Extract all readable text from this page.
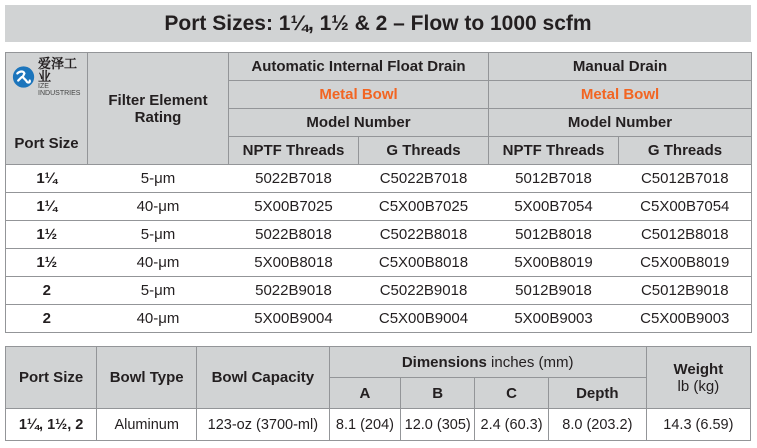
Port Sizes: 1¼, 1½ & 2 – Flow to 1000 scfm
爱泽工业
IZE INDUSTRIES
Port Size	Filter Element Rating	Automatic Internal Float Drain		Manual Drain	
		Metal Bowl		Metal Bowl	
		Model Number		Model Number	
		NPTF Threads	G Threads	NPTF Threads	G Threads
1¼	5-μm	5022B7018	C5022B7018	5012B7018	C5012B7018
1¼	40-μm	5X00B7025	C5X00B7025	5X00B7054	C5X00B7054
1½	5-μm	5022B8018	C5022B8018	5012B8018	C5012B8018
1½	40-μm	5X00B8018	C5X00B8018	5X00B8019	C5X00B8019
2	5-μm	5022B9018	C5022B9018	5012B9018	C5012B9018
2	40-μm	5X00B9004	C5X00B9004	5X00B9003	C5X00B9003
Port Size	Bowl Type	Bowl Capacity	Dimensions inches (mm)				Weight
lb (kg)

			A	B	C	Depth	
1¼, 1½, 2	Aluminum	123-oz (3700-ml)	8.1 (204)	12.0 (305)	2.4 (60.3)	8.0 (203.2)	14.3 (6.59)
